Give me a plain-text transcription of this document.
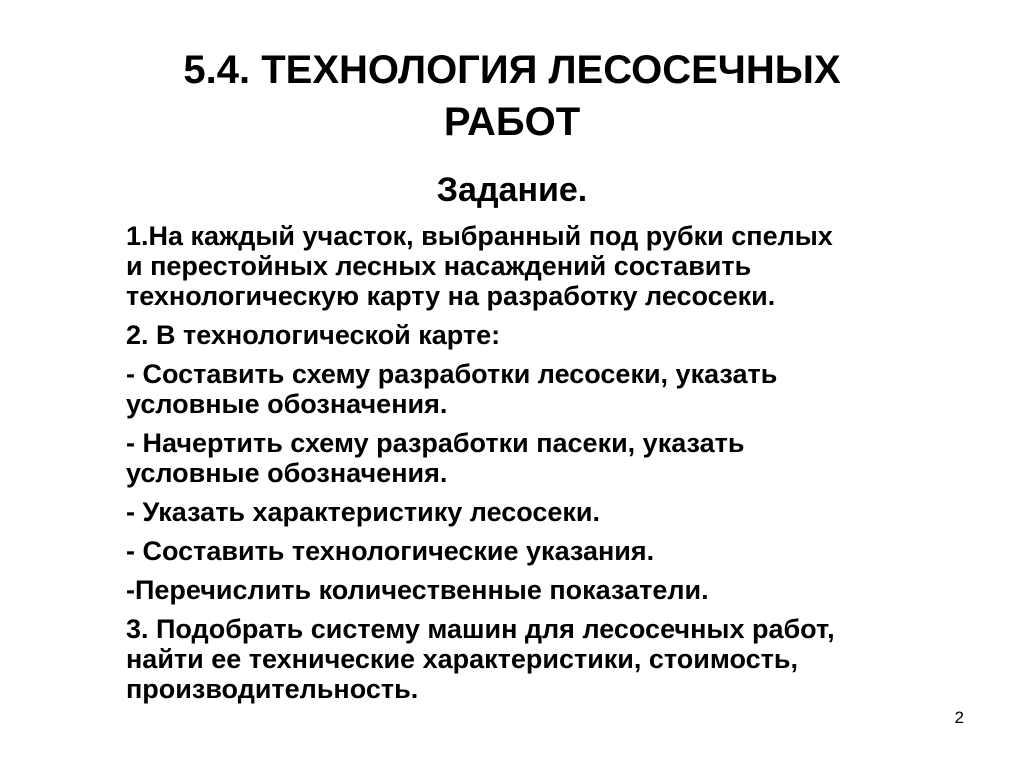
5.4. ТЕХНОЛОГИЯ ЛЕСОСЕЧНЫХ
РАБОТ
Задание.

1.На каждый участок, выбранный под рубки спелых
и перестойных лесных насаждений составить
технологическую карту на разработку лесосеки.

2. В технологической карте:

- Составить схему разработки лесосеки, указать
условные обозначения.

- Начертить схему разработки пасеки, указать
условные обозначения.

- Указать характеристику лесосеки.

- Составить технологические указания.

-Перечислить количественные показатели.

3. Подобрать систему машин для лесосечных работ,
найти ее технические характеристики, стоимость,
производительность.

2
